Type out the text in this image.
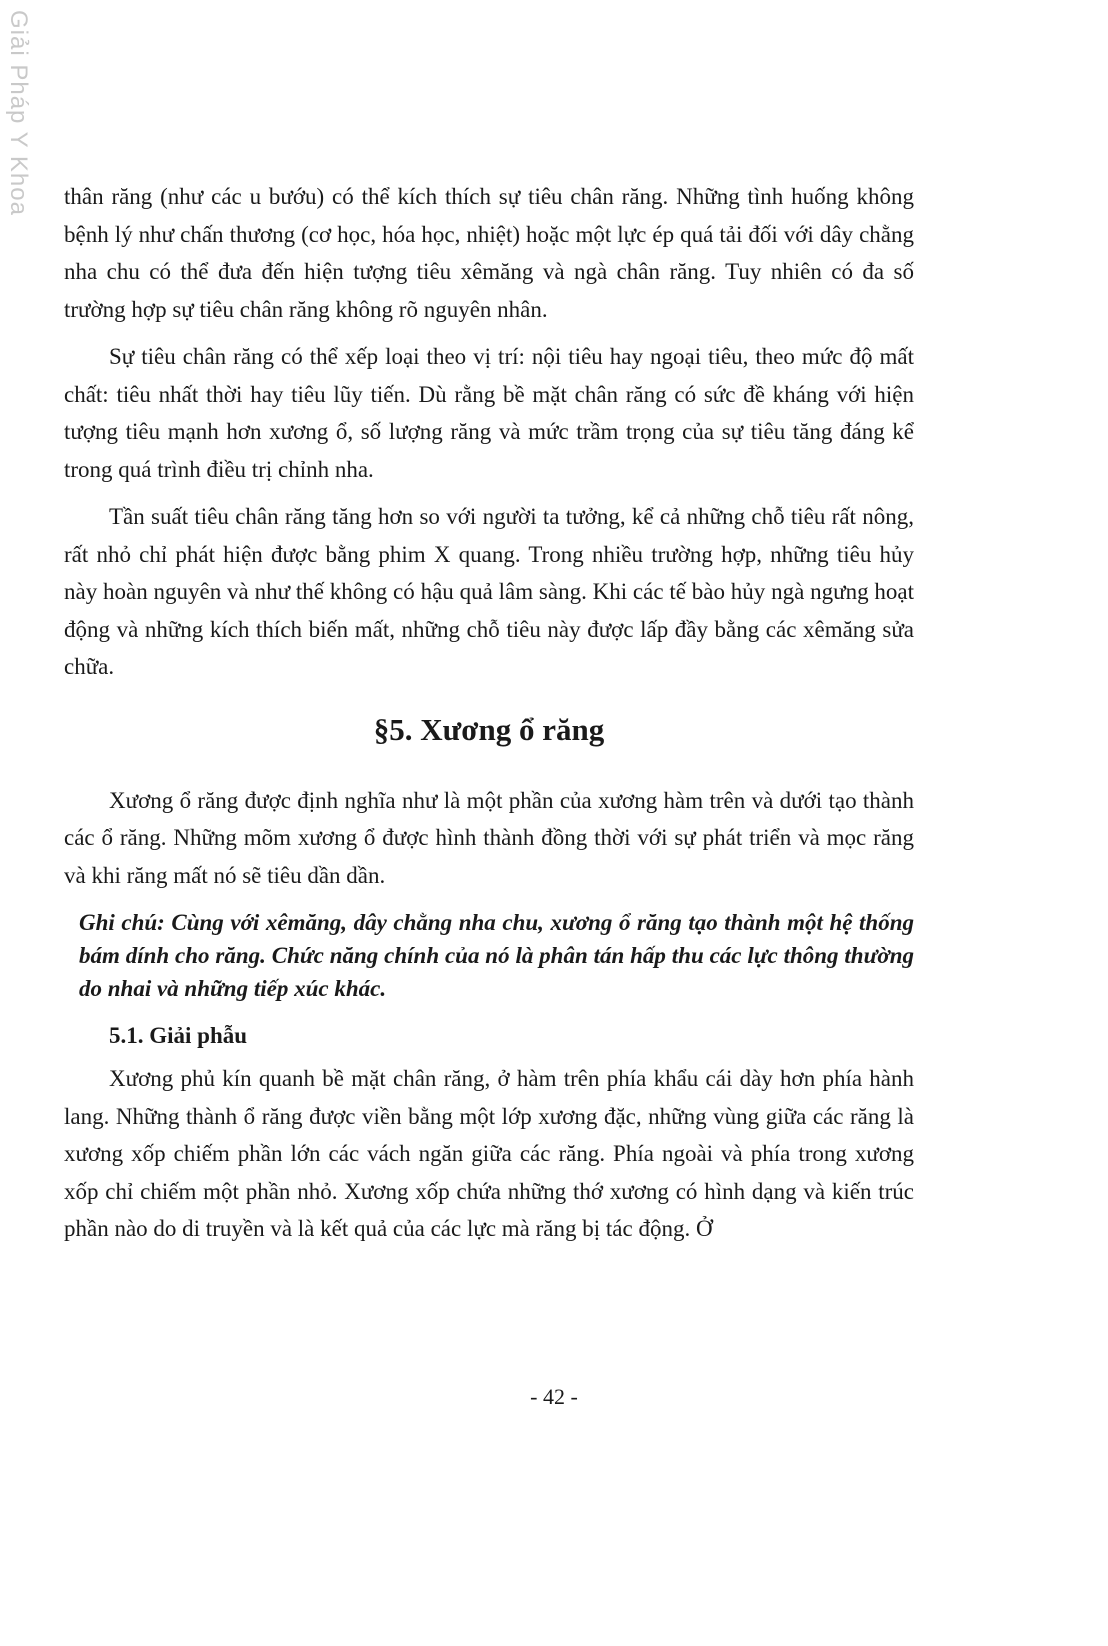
Giải Pháp Y Khoa thân răng (như các u bướu) có thể kích thích sự tiêu chân răng. Những tình huống không bệnh lý như chấn thương (cơ học, hóa học, nhiệt) hoặc một lực ép quá tải đối với dây chằng nha chu có thể đưa đến hiện tượng tiêu xêmăng và ngà chân răng. Tuy nhiên có đa số trường hợp sự tiêu chân răng không rõ nguyên nhân.

Sự tiêu chân răng có thể xếp loại theo vị trí: nội tiêu hay ngoại tiêu, theo mức độ mất chất: tiêu nhất thời hay tiêu lũy tiến. Dù rằng bề mặt chân răng có sức đề kháng với hiện tượng tiêu mạnh hơn xương ổ, số lượng răng và mức trầm trọng của sự tiêu tăng đáng kể trong quá trình điều trị chỉnh nha.

Tần suất tiêu chân răng tăng hơn so với người ta tưởng, kể cả những chỗ tiêu rất nông, rất nhỏ chỉ phát hiện được bằng phim X quang. Trong nhiều trường hợp, những tiêu hủy này hoàn nguyên và như thế không có hậu quả lâm sàng. Khi các tế bào hủy ngà ngưng hoạt động và những kích thích biến mất, những chỗ tiêu này được lấp đầy bằng các xêmăng sửa chữa.

§5. Xương ổ răng

Xương ổ răng được định nghĩa như là một phần của xương hàm trên và dưới tạo thành các ổ răng. Những mõm xương ổ được hình thành đồng thời với sự phát triển và mọc răng và khi răng mất nó sẽ tiêu dần dần.

Ghi chú: Cùng với xêmăng, dây chằng nha chu, xương ổ răng tạo thành một hệ thống bám dính cho răng. Chức năng chính của nó là phân tán hấp thu các lực thông thường do nhai và những tiếp xúc khác.
5.1. Giải phẫu

Xương phủ kín quanh bề mặt chân răng, ở hàm trên phía khẩu cái dày hơn phía hành lang. Những thành ổ răng được viền bằng một lớp xương đặc, những vùng giữa các răng là xương xốp chiếm phần lớn các vách ngăn giữa các răng. Phía ngoài và phía trong xương xốp chỉ chiếm một phần nhỏ. Xương xốp chứa những thớ xương có hình dạng và kiến trúc phần nào do di truyền và là kết quả của các lực mà răng bị tác động. Ở

- 42 -
